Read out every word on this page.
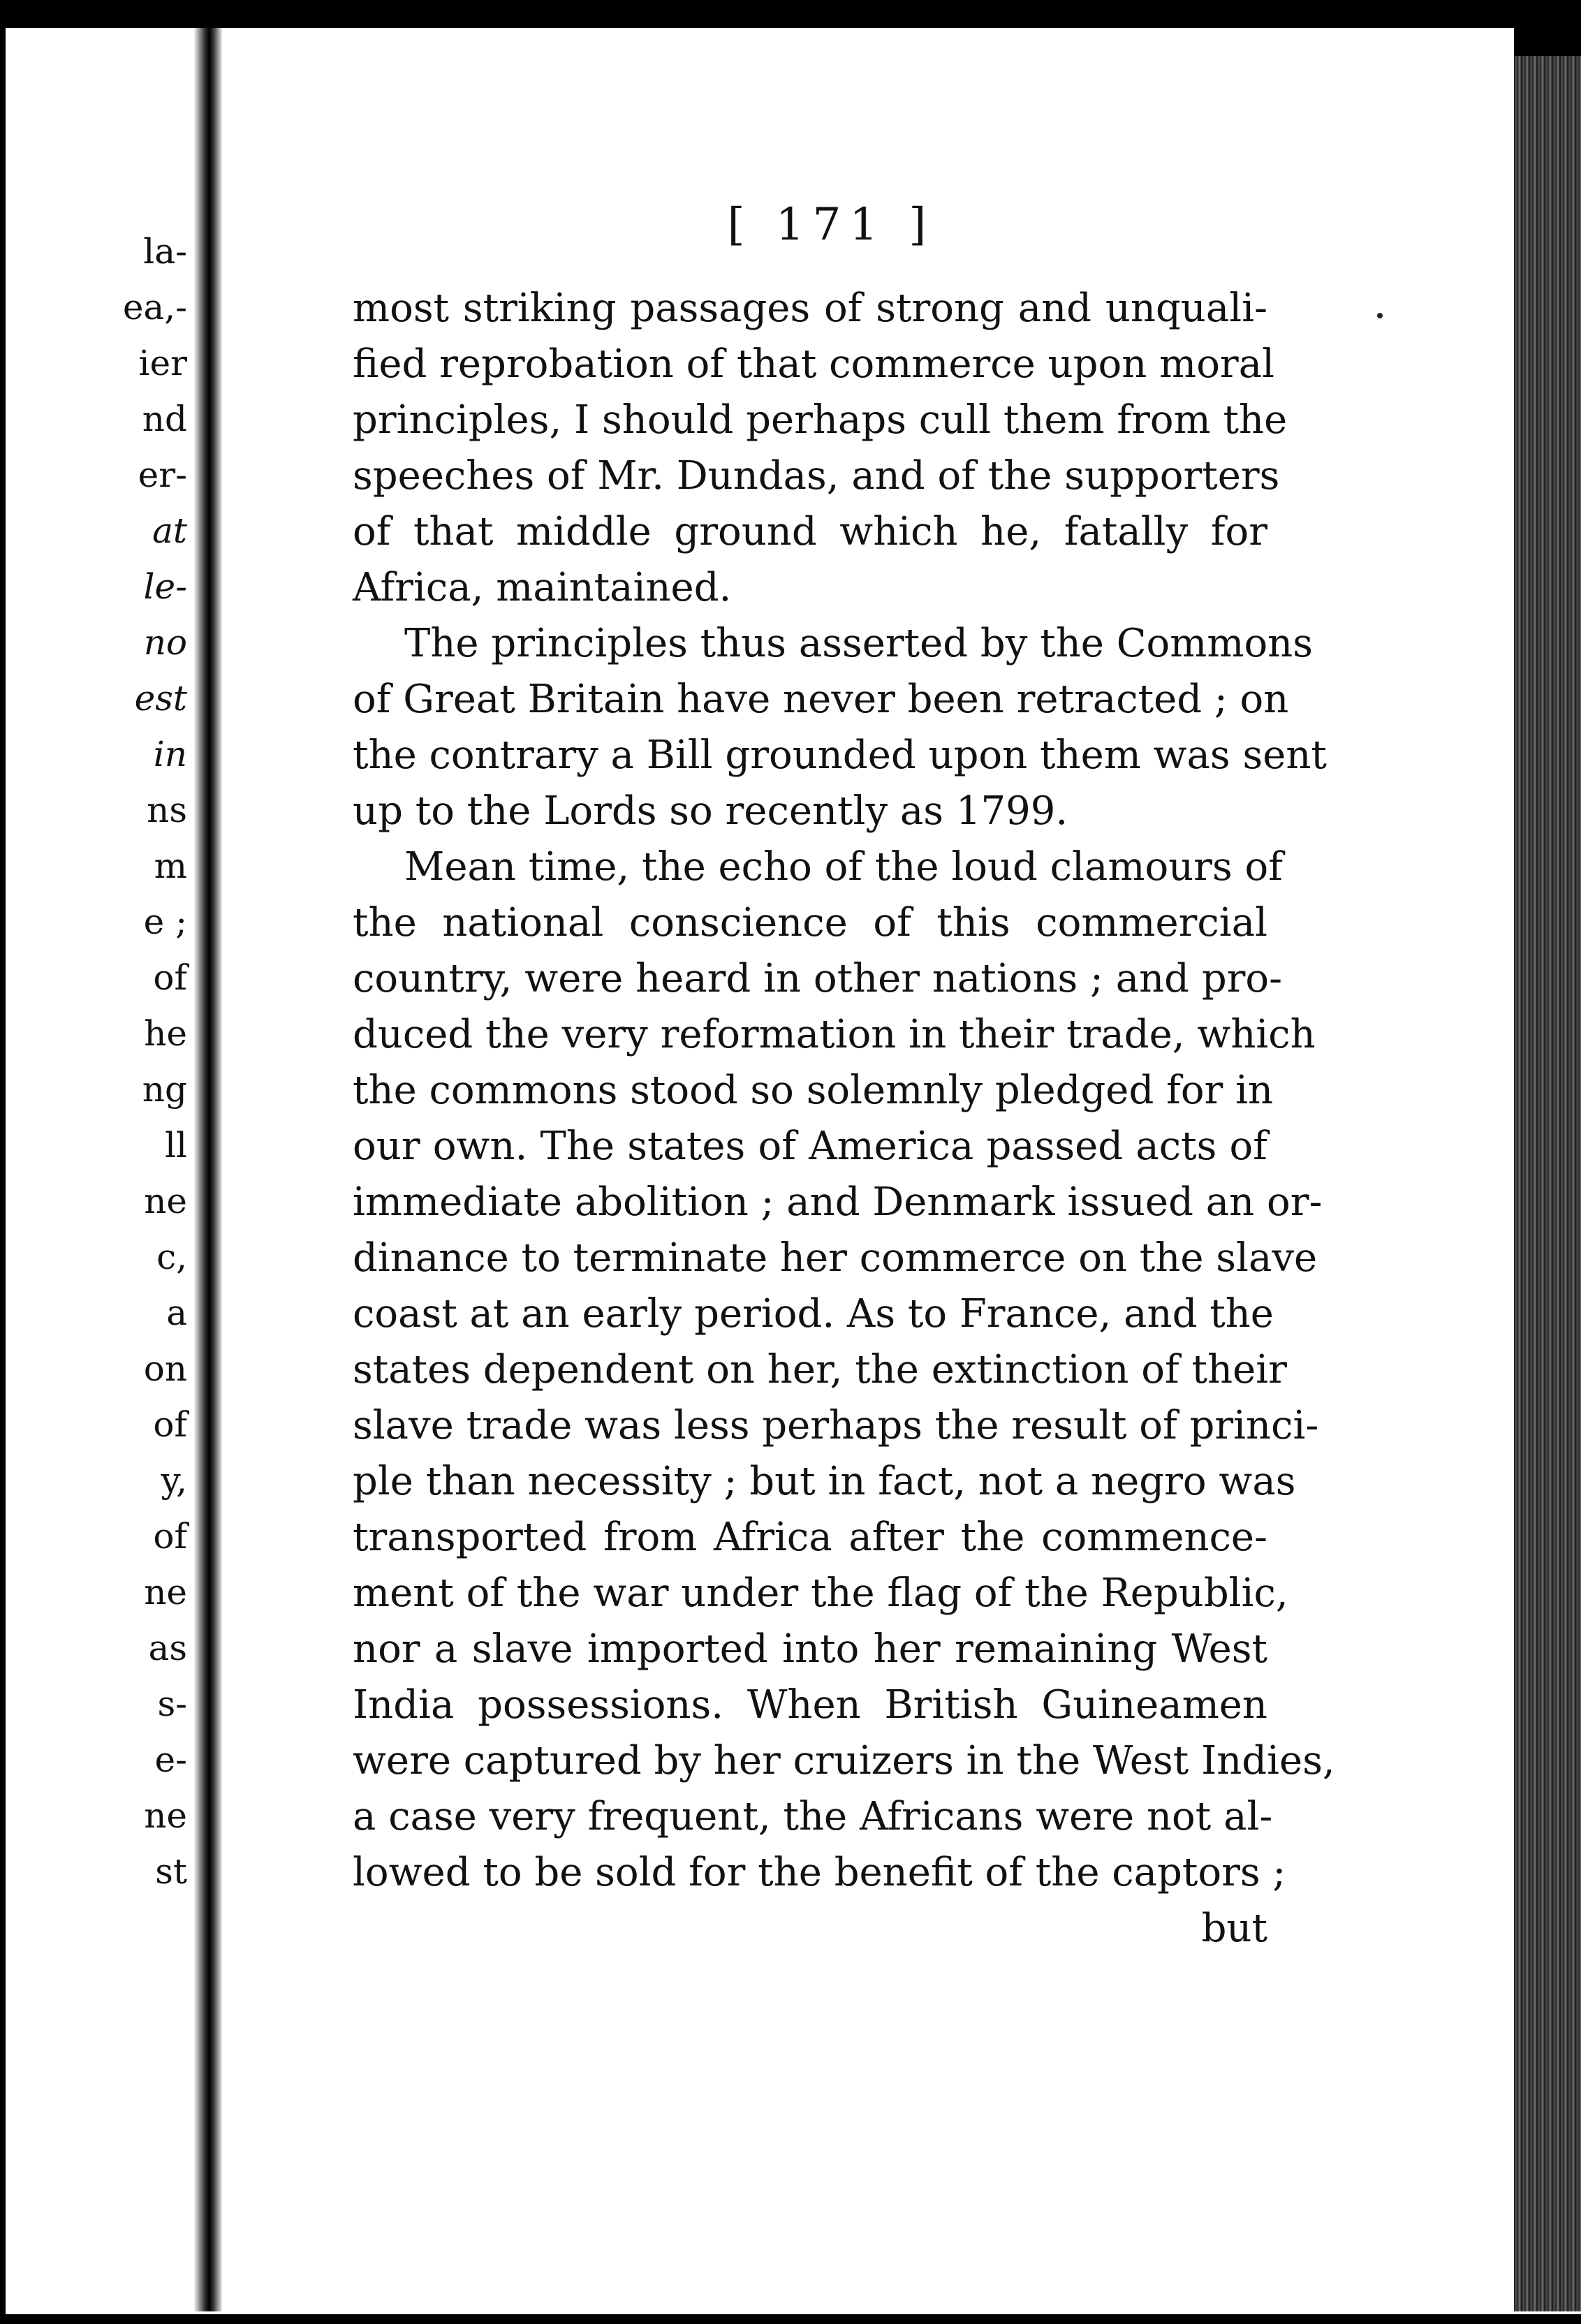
la-
ea,-
ier
nd
er-
at
le-
no
est
in
ns
m
e ;
of
he
ng
ll
ne
c,
a
on
of
y,
of
ne
as
s-
e-
ne
st
[ 171 ]
most striking passages of strong and unquali-
fied reprobation of that commerce upon moral
principles, I should perhaps cull them from the
speeches of Mr. Dundas, and of the supporters
of that middle ground which he, fatally for
Africa, maintained.
The principles thus asserted by the Commons
of Great Britain have never been retracted ; on
the contrary a Bill grounded upon them was sent
up to the Lords so recently as 1799.
Mean time, the echo of the loud clamours of
the national conscience of this commercial
country, were heard in other nations ; and pro-
duced the very reformation in their trade, which
the commons stood so solemnly pledged for in
our own. The states of America passed acts of
immediate abolition ; and Denmark issued an or-
dinance to terminate her commerce on the slave
coast at an early period. As to France, and the
states dependent on her, the extinction of their
slave trade was less perhaps the result of princi-
ple than necessity ; but in fact, not a negro was
transported from Africa after the commence-
ment of the war under the flag of the Republic,
nor a slave imported into her remaining West
India possessions. When British Guineamen
were captured by her cruizers in the West Indies,
a case very frequent, the Africans were not al-
lowed to be sold for the benefit of the captors ;
but
